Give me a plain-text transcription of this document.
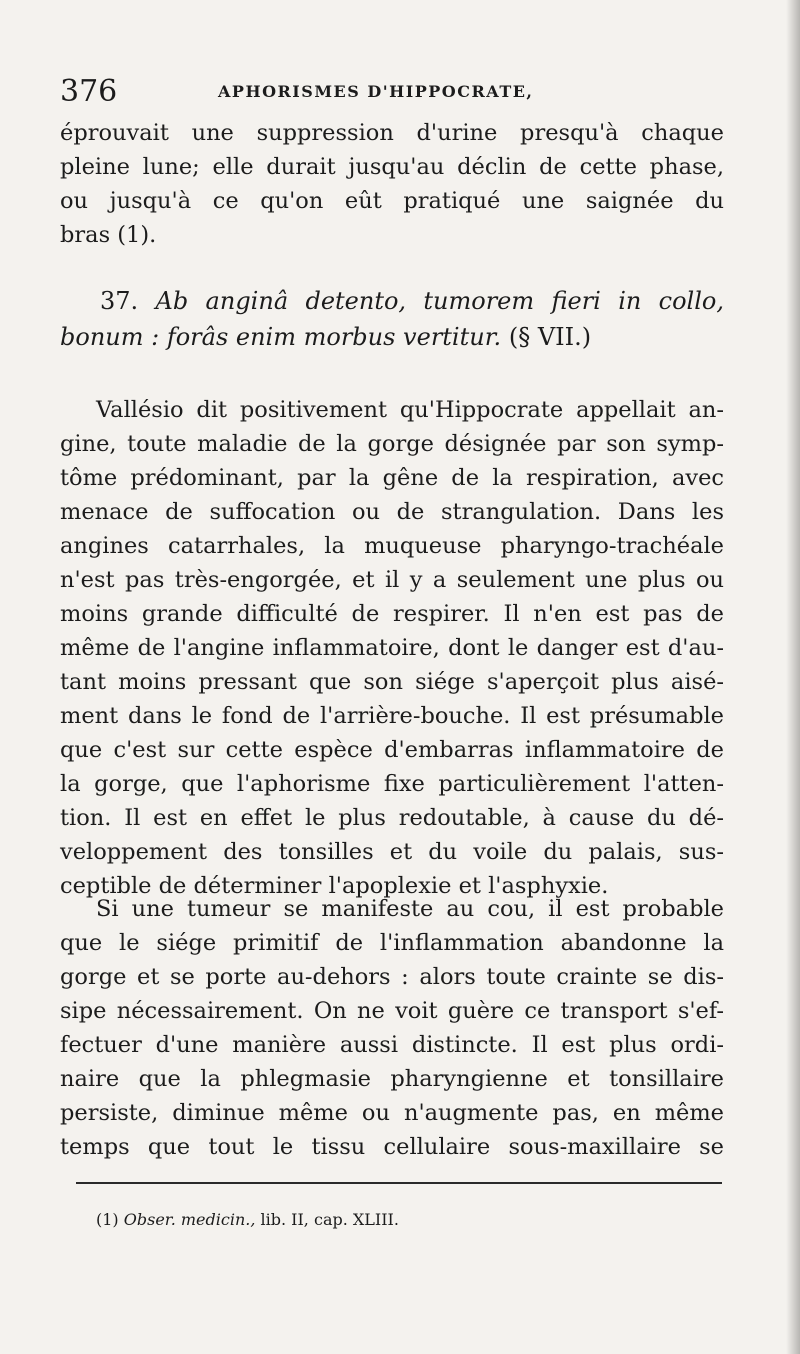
376	APHORISMES D'HIPPOCRATE,
éprouvait une suppression d'urine presqu'à chaque
pleine lune; elle durait jusqu'au déclin de cette phase,
ou jusqu'à ce qu'on eût pratiqué une saignée du
bras (1).
37. Ab anginâ detento, tumorem fieri in collo,
bonum : forâs enim morbus vertitur. (§ VII.)
Vallésio dit positivement qu'Hippocrate appellait an-
gine, toute maladie de la gorge désignée par son symp-
tôme prédominant, par la gêne de la respiration, avec
menace de suffocation ou de strangulation. Dans les
angines catarrhales, la muqueuse pharyngo-trachéale
n'est pas très-engorgée, et il y a seulement une plus ou
moins grande difficulté de respirer. Il n'en est pas de
même de l'angine inflammatoire, dont le danger est d'au-
tant moins pressant que son siége s'aperçoit plus aisé-
ment dans le fond de l'arrière-bouche. Il est présumable
que c'est sur cette espèce d'embarras inflammatoire de
la gorge, que l'aphorisme fixe particulièrement l'atten-
tion. Il est en effet le plus redoutable, à cause du dé-
veloppement des tonsilles et du voile du palais, sus-
ceptible de déterminer l'apoplexie et l'asphyxie.
Si une tumeur se manifeste au cou, il est probable
que le siége primitif de l'inflammation abandonne la
gorge et se porte au-dehors : alors toute crainte se dis-
sipe nécessairement. On ne voit guère ce transport s'ef-
fectuer d'une manière aussi distincte. Il est plus ordi-
naire que la phlegmasie pharyngienne et tonsillaire
persiste, diminue même ou n'augmente pas, en même
temps que tout le tissu cellulaire sous-maxillaire se
(1) Obser. medicin., lib. II, cap. XLIII.
